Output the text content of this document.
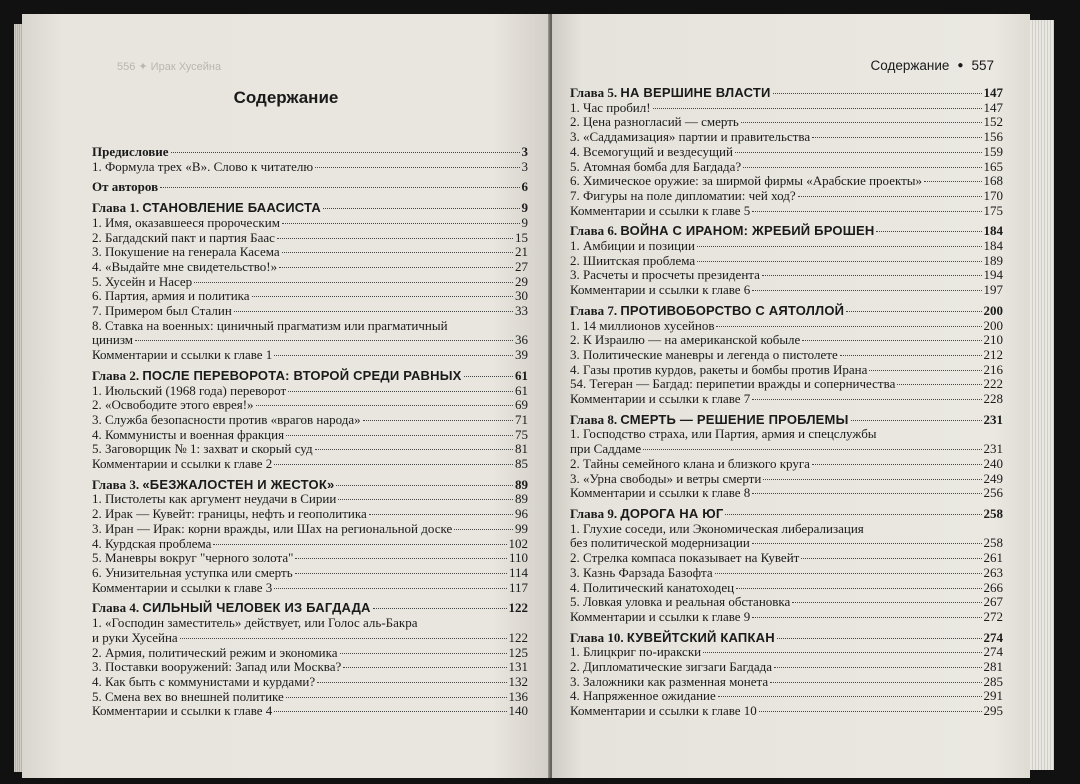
556 ✦ Ирак Хусейна
Содержание
Предисловие	3
1. Формула трех «В». Слово к читателю	3
От авторов	6
Глава 1. СТАНОВЛЕНИЕ БААСИСТА	9
1. Имя, оказавшееся пророческим	9
2. Багдадский пакт и партия Баас	15
3. Покушение на генерала Касема	21
4. «Выдайте мне свидетельство!»	27
5. Хусейн и Насер	29
6. Партия, армия и политика	30
7. Примером был Сталин	33
8. Ставка на военных: циничный прагматизм или прагматичный
цинизм	36
Комментарии и ссылки к главе 1	39
Глава 2. ПОСЛЕ ПЕРЕВОРОТА: ВТОРОЙ СРЕДИ РАВНЫХ	61
1. Июльский (1968 года) переворот	61
2. «Освободите этого еврея!»	69
3. Служба безопасности против «врагов народа»	71
4. Коммунисты и военная фракция	75
5. Заговорщик № 1: захват и скорый суд	81
Комментарии и ссылки к главе 2	85
Глава 3. «БЕЗЖАЛОСТЕН И ЖЕСТОК»	89
1. Пистолеты как аргумент неудачи в Сирии	89
2. Ирак — Кувейт: границы, нефть и геополитика	96
3. Иран — Ирак: корни вражды, или Шах на региональной доске	99
4. Курдская проблема	102
5. Маневры вокруг "черного золота"	110
6. Унизительная уступка или смерть	114
Комментарии и ссылки к главе 3	117
Глава 4. СИЛЬНЫЙ ЧЕЛОВЕК ИЗ БАГДАДА	122
1. «Господин заместитель» действует, или Голос аль-Бакра
и руки Хусейна	122
2. Армия, политический режим и экономика	125
3. Поставки вооружений: Запад или Москва?	131
4. Как быть с коммунистами и курдами?	132
5. Смена вех во внешней политике	136
Комментарии и ссылки к главе 4	140
Содержание ● 557
Глава 5. НА ВЕРШИНЕ ВЛАСТИ	147
1. Час пробил!	147
2. Цена разногласий — смерть	152
3. «Саддамизация» партии и правительства	156
4. Всемогущий и вездесущий	159
5. Атомная бомба для Багдада?	165
6. Химическое оружие: за ширмой фирмы «Арабские проекты»	168
7. Фигуры на поле дипломатии: чей ход?	170
Комментарии и ссылки к главе 5	175
Глава 6. ВОЙНА С ИРАНОМ: ЖРЕБИЙ БРОШЕН	184
1. Амбиции и позиции	184
2. Шиитская проблема	189
3. Расчеты и просчеты президента	194
Комментарии и ссылки к главе 6	197
Глава 7. ПРОТИВОБОРСТВО С АЯТОЛЛОЙ	200
1. 14 миллионов хусейнов	200
2. К Израилю — на американской кобыле	210
3. Политические маневры и легенда о пистолете	212
4. Газы против курдов, ракеты и бомбы против Ирана	216
54. Тегеран — Багдад: перипетии вражды и соперничества	222
Комментарии и ссылки к главе 7	228
Глава 8. СМЕРТЬ — РЕШЕНИЕ ПРОБЛЕМЫ	231
1. Господство страха, или Партия, армия и спецслужбы
при Саддаме	231
2. Тайны семейного клана и близкого круга	240
3. «Урна свободы» и ветры смерти	249
Комментарии и ссылки к главе 8	256
Глава 9. ДОРОГА НА ЮГ	258
1. Глухие соседи, или Экономическая либерализация
без политической модернизации	258
2. Стрелка компаса показывает на Кувейт	261
3. Казнь Фарзада Базофта	263
4. Политический канатоходец	266
5. Ловкая уловка и реальная обстановка	267
Комментарии и ссылки к главе 9	272
Глава 10. КУВЕЙТСКИЙ КАПКАН	274
1. Блицкриг по-иракски	274
2. Дипломатические зигзаги Багдада	281
3. Заложники как разменная монета	285
4. Напряженное ожидание	291
Комментарии и ссылки к главе 10	295
